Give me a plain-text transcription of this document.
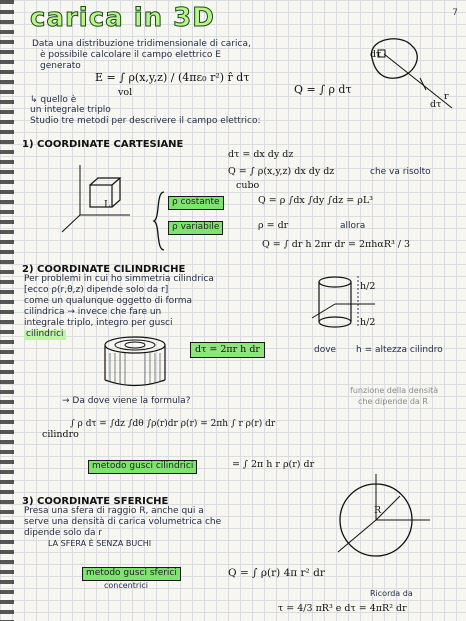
7
carica in 3D
Data una distribuzione tridimensionale di carica,
è possibile calcolare il campo elettrico E
generato
E = ∫ ρ(x,y,z) / (4πε₀ r²) r̂ dτ
vol	Q = ∫ ρ dτ
↳ quello è
un integrale triplo
Studio tre metodi per descrivere il campo elettrico:
dτ
r
dτ
1) COORDINATE CARTESIANE
dτ = dx dy dz
Q = ∫ ρ(x,y,z) dx dy dz
cubo
che va risolto
L	ρ costante	Q = ρ ∫dx ∫dy ∫dz = ρL³
ρ variabile	ρ = dr	allora
Q = ∫ dr h 2πr dr = 2πhαR³ / 3
2) COORDINATE CILINDRICHE
Per problemi in cui ho simmetria cilindrica
[ecco ρ(r,θ,z) dipende solo da r]
come un qualunque oggetto di forma
cilindrica → invece che fare un
integrale triplo, integro per gusci
cilindrici
h/2
h/2
dτ = 2πr h dr	dove h = altezza cilindro
→ Da dove viene la formula?
funzione della densità
che dipende da R
∫ ρ dτ = ∫dz ∫dθ ∫ρ(r)dr ρ(r) = 2πh ∫ r ρ(r) dr
cilindro
metodo gusci cilindrici	= ∫ 2π h r ρ(r) dr
3) COORDINATE SFERICHE
Presa una sfera di raggio R, anche qui a
serve una densità di carica volumetrica che
dipende solo da r
LA SFERA È SENZA BUCHI
R
metodo gusci sferici
concentrici
Q = ∫ ρ(r) 4π r² dr
Ricorda da
τ = 4/3 πR³ e dτ = 4πR² dr
